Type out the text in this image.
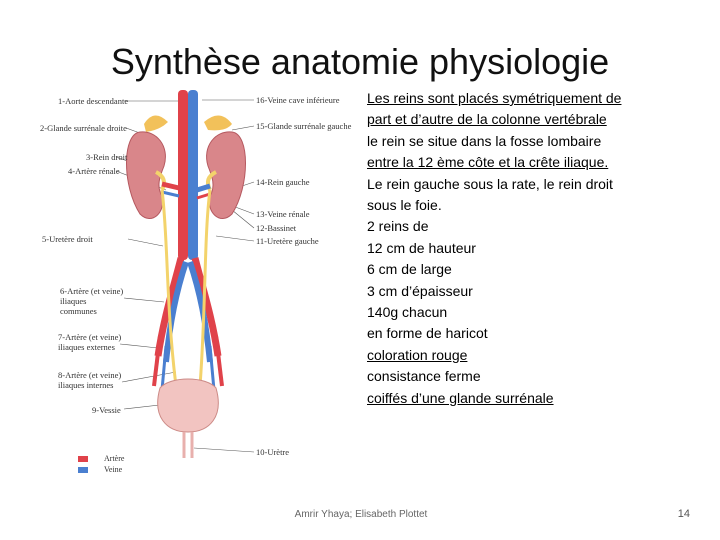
Synthèse anatomie physiologie
1-Aorte descendante
2-Glande surrénale droite
3-Rein droit
4-Artère rénale
5-Uretère droit
6-Artère (et veine) iliaques communes
7-Artère (et veine) iliaques externes
8-Artère (et veine) iliaques internes
9-Vessie
16-Veine cave inférieure
15-Glande surrénale gauche
14-Rein gauche
13-Veine rénale
12-Bassinet
11-Uretère gauche
10-Urètre
Artère
Veine
Les reins sont placés symétriquement de
part et d’autre de la colonne vertébrale
le rein se situe dans la fosse lombaire
entre la 12 ème côte et la crête iliaque.
Le rein gauche sous la rate, le rein droit
sous le foie.
2 reins de
12 cm de hauteur
6 cm de large
3 cm d’épaisseur
140g chacun
en forme de haricot
coloration rouge
consistance ferme
coiffés d’une glande surrénale
Amrir Yhaya; Elisabeth Plottet	14
